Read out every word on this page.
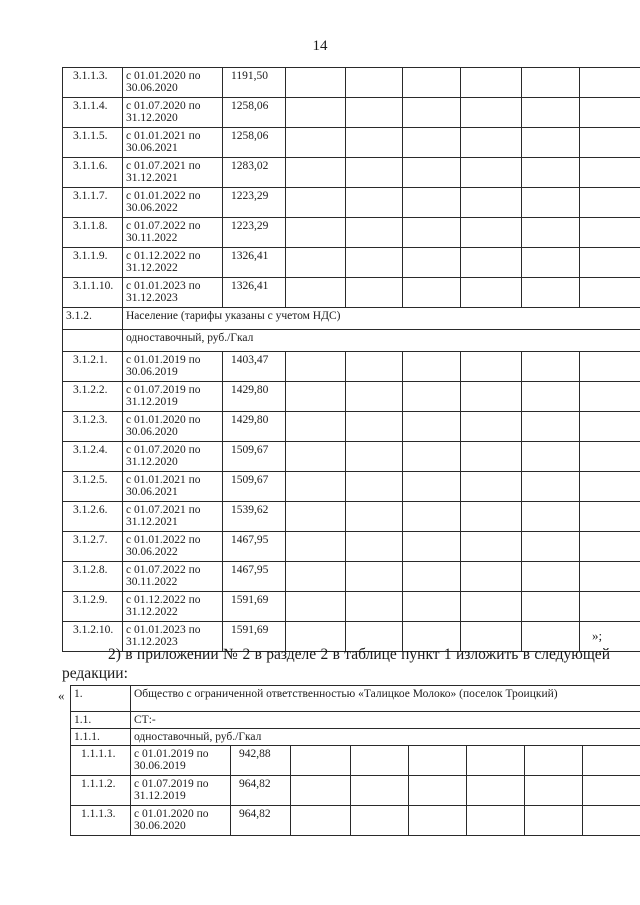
14
3.1.1.3.	с 01.01.2020 по 30.06.2020	1191,50						
3.1.1.4.	с 01.07.2020 по 31.12.2020	1258,06						
3.1.1.5.	с 01.01.2021 по 30.06.2021	1258,06						
3.1.1.6.	с 01.07.2021 по 31.12.2021	1283,02						
3.1.1.7.	с 01.01.2022 по 30.06.2022	1223,29						
3.1.1.8.	с 01.07.2022 по 30.11.2022	1223,29						
3.1.1.9.	с 01.12.2022 по 31.12.2022	1326,41						
3.1.1.10.	с 01.01.2023 по 31.12.2023	1326,41						
3.1.2.	Население (тарифы указаны с учетом НДС)							
	одноставочный, руб./Гкал							
3.1.2.1.	с 01.01.2019 по 30.06.2019	1403,47						
3.1.2.2.	с 01.07.2019 по 31.12.2019	1429,80						
3.1.2.3.	с 01.01.2020 по 30.06.2020	1429,80						
3.1.2.4.	с 01.07.2020 по 31.12.2020	1509,67						
3.1.2.5.	с 01.01.2021 по 30.06.2021	1509,67						
3.1.2.6.	с 01.07.2021 по 31.12.2021	1539,62						
3.1.2.7.	с 01.01.2022 по 30.06.2022	1467,95						
3.1.2.8.	с 01.07.2022 по 30.11.2022	1467,95						
3.1.2.9.	с 01.12.2022 по 31.12.2022	1591,69						
3.1.2.10.	с 01.01.2023 по 31.12.2023	1591,69							»;
2) в приложении № 2 в разделе 2 в таблице пункт 1 изложить в следующей редакции:
« 1.	Общество с ограниченной ответственностью «Талицкое Молоко» (поселок Троицкий)							
1.1.	СТ:-							
1.1.1.	одноставочный, руб./Гкал							
1.1.1.1.	с 01.01.2019 по 30.06.2019	942,88						
1.1.1.2.	с 01.07.2019 по 31.12.2019	964,82						
1.1.1.3.	с 01.01.2020 по 30.06.2020	964,82						
